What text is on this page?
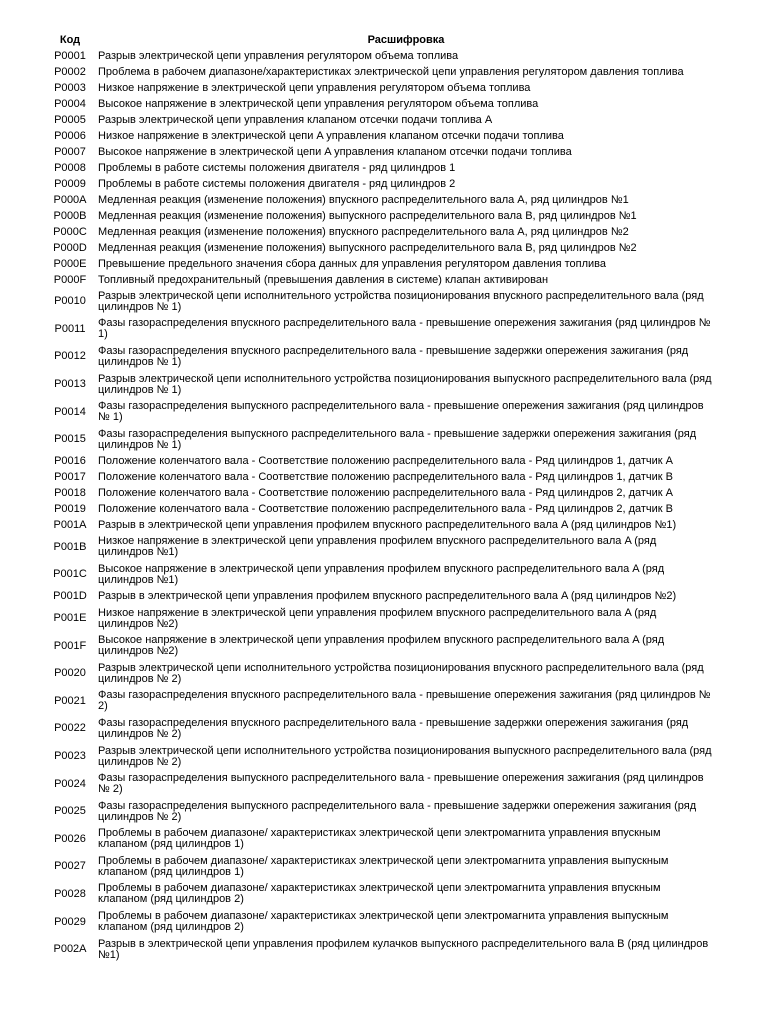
Код	Расшифровка
P0001	Разрыв электрической цепи управления регулятором объема топлива
P0002	Проблема в рабочем диапазоне/характеристиках электрической цепи управления регулятором давления топлива
P0003	Низкое напряжение в электрической цепи управления регулятором объема топлива
P0004	Высокое напряжение в электрической цепи управления регулятором объема топлива
P0005	Разрыв электрической цепи управления клапаном отсечки подачи топлива A
P0006	Низкое напряжение в электрической цепи A управления клапаном отсечки подачи топлива
P0007	Высокое напряжение в электрической цепи A управления клапаном отсечки подачи топлива
P0008	Проблемы в работе системы положения двигателя - ряд цилиндров 1
P0009	Проблемы в работе системы положения двигателя - ряд цилиндров 2
P000A	Медленная реакция (изменение положения) впускного распределительного вала A, ряд цилиндров №1
P000B	Медленная реакция (изменение положения) выпускного распределительного вала B, ряд цилиндров №1
P000C	Медленная реакция (изменение положения) впускного распределительного вала A, ряд цилиндров №2
P000D	Медленная реакция (изменение положения) выпускного распределительного вала B, ряд цилиндров №2
P000E	Превышение предельного значения сбора данных для управления регулятором давления топлива
P000F	Топливный предохранительный (превышения давления в системе) клапан активирован
P0010	Разрыв электрической цепи исполнительного устройства позиционирования впускного распределительного вала (ряд цилиндров № 1)
P0011	Фазы газораспределения впускного распределительного вала - превышение опережения зажигания (ряд цилиндров № 1)
P0012	Фазы газораспределения впускного распределительного вала - превышение задержки опережения зажигания (ряд цилиндров № 1)
P0013	Разрыв электрической цепи исполнительного устройства позиционирования выпускного распределительного вала (ряд цилиндров № 1)
P0014	Фазы газораспределения выпускного распределительного вала - превышение опережения зажигания (ряд цилиндров № 1)
P0015	Фазы газораспределения выпускного распределительного вала - превышение задержки опережения зажигания (ряд цилиндров № 1)
P0016	Положение коленчатого вала - Соответствие положению распределительного вала - Ряд цилиндров 1, датчик A
P0017	Положение коленчатого вала - Соответствие положению распределительного вала - Ряд цилиндров 1, датчик B
P0018	Положение коленчатого вала - Соответствие положению распределительного вала - Ряд цилиндров 2, датчик A
P0019	Положение коленчатого вала - Соответствие положению распределительного вала - Ряд цилиндров 2, датчик B
P001A	Разрыв в электрической цепи управления профилем впускного распределительного вала A (ряд цилиндров №1)
P001B	Низкое напряжение в электрической цепи управления профилем впускного распределительного вала A (ряд цилиндров №1)
P001C	Высокое напряжение в электрической цепи управления профилем впускного распределительного вала A (ряд цилиндров №1)
P001D	Разрыв в электрической цепи управления профилем впускного распределительного вала A (ряд цилиндров №2)
P001E	Низкое напряжение в электрической цепи управления профилем впускного распределительного вала A (ряд цилиндров №2)
P001F	Высокое напряжение в электрической цепи управления профилем впускного распределительного вала A (ряд цилиндров №2)
P0020	Разрыв электрической цепи исполнительного устройства позиционирования впускного распределительного вала (ряд цилиндров № 2)
P0021	Фазы газораспределения впускного распределительного вала - превышение опережения зажигания (ряд цилиндров № 2)
P0022	Фазы газораспределения впускного распределительного вала - превышение задержки опережения зажигания (ряд цилиндров № 2)
P0023	Разрыв электрической цепи исполнительного устройства позиционирования выпускного распределительного вала (ряд цилиндров № 2)
P0024	Фазы газораспределения выпускного распределительного вала - превышение опережения зажигания (ряд цилиндров № 2)
P0025	Фазы газораспределения выпускного распределительного вала - превышение задержки опережения зажигания (ряд цилиндров № 2)
P0026	Проблемы в рабочем диапазоне/ характеристиках электрической цепи электромагнита управления впускным клапаном (ряд цилиндров 1)
P0027	Проблемы в рабочем диапазоне/ характеристиках электрической цепи электромагнита управления выпускным клапаном (ряд цилиндров 1)
P0028	Проблемы в рабочем диапазоне/ характеристиках электрической цепи электромагнита управления впускным клапаном (ряд цилиндров 2)
P0029	Проблемы в рабочем диапазоне/ характеристиках электрической цепи электромагнита управления выпускным клапаном (ряд цилиндров 2)
P002A	Разрыв в электрической цепи управления профилем кулачков выпускного распределительного вала B (ряд цилиндров №1)
